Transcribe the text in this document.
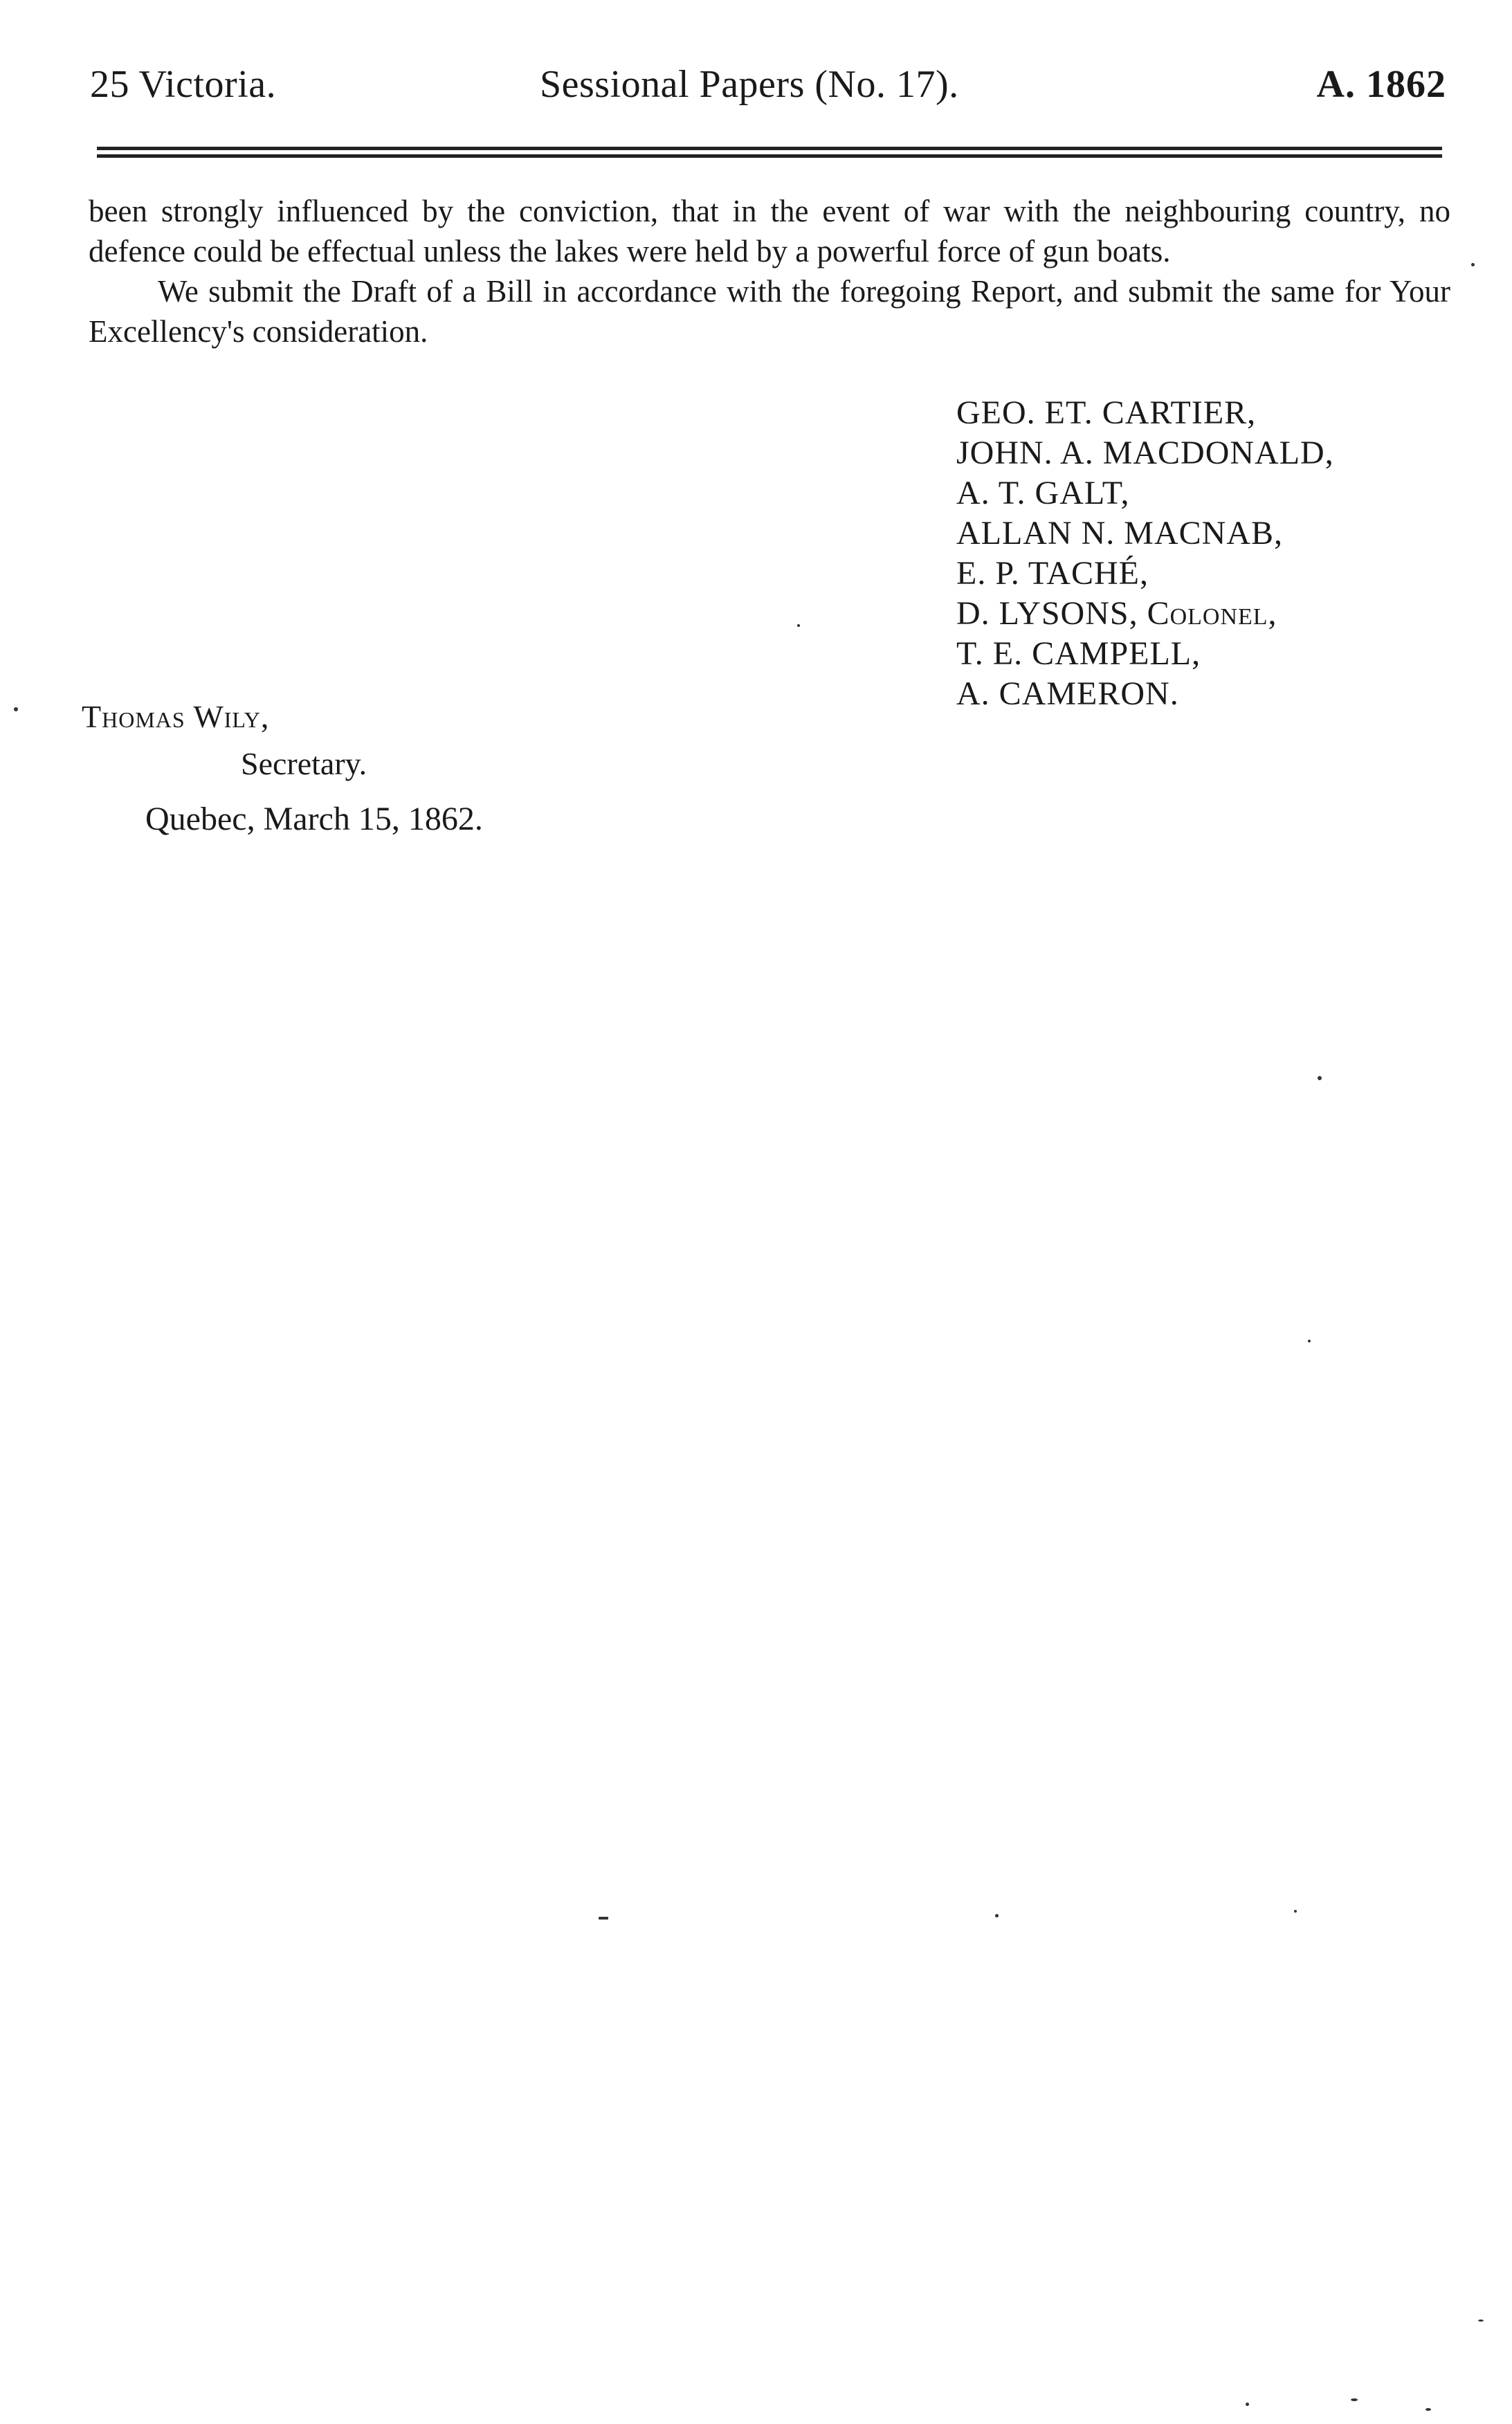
25 Victoria.	Sessional Papers (No. 17).	A. 1862

been strongly influenced by the conviction, that in the event of war with the neighbouring country, no defence could be effectual unless the lakes were held by a powerful force of gun boats.

We submit the Draft of a Bill in accordance with the foregoing Report, and submit the same for Your Excellency's consideration.

GEO. ET. CARTIER,
JOHN. A. MACDONALD,
A. T. GALT,
ALLAN N. MACNAB,
E. P. TACHÉ,
D. LYSONS, Colonel,
T. E. CAMPELL,
A. CAMERON.
Thomas Wily,
Secretary.
Quebec, March 15, 1862.
